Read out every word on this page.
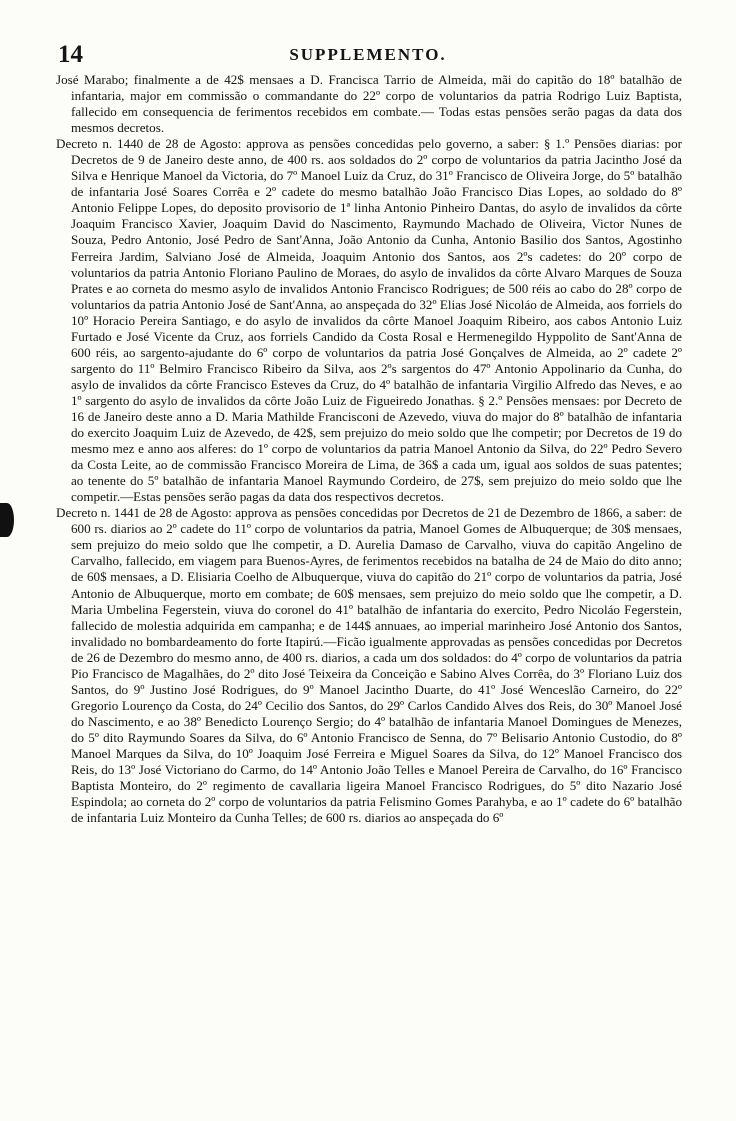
14	SUPPLEMENTO.

José Marabo; finalmente a de 42$ mensaes a D. Francisca Tarrio de Almeida, mãi do capitão do 18º batalhão de infantaria, major em commissão o commandante do 22º corpo de voluntarios da patria Rodrigo Luiz Baptista, fallecido em consequencia de ferimentos recebidos em combate.— Todas estas pensões serão pagas da data dos mesmos decretos.

Decreto n. 1440 de 28 de Agosto: approva as pensões concedidas pelo governo, a saber: § 1.º Pensões diarias: por Decretos de 9 de Janeiro deste anno, de 400 rs. aos soldados do 2º corpo de voluntarios da patria Jacintho José da Silva e Henrique Manoel da Victoria, do 7º Manoel Luiz da Cruz, do 31º Francisco de Oliveira Jorge, do 5º batalhão de infantaria José Soares Corrêa e 2º cadete do mesmo batalhão João Francisco Dias Lopes, ao soldado do 8º Antonio Felippe Lopes, do deposito provisorio de 1ª linha Antonio Pinheiro Dantas, do asylo de invalidos da côrte Joaquim Francisco Xavier, Joaquim David do Nascimento, Raymundo Machado de Oliveira, Victor Nunes de Souza, Pedro Antonio, José Pedro de Sant'Anna, João Antonio da Cunha, Antonio Basilio dos Santos, Agostinho Ferreira Jardim, Salviano José de Almeida, Joaquim Antonio dos Santos, aos 2ºs cadetes: do 20º corpo de voluntarios da patria Antonio Floriano Paulino de Moraes, do asylo de invalidos da côrte Alvaro Marques de Souza Prates e ao corneta do mesmo asylo de invalidos Antonio Francisco Rodrigues; de 500 réis ao cabo do 28º corpo de voluntarios da patria Antonio José de Sant'Anna, ao anspeçada do 32º Elias José Nicoláo de Almeida, aos forriels do 10º Horacio Pereira Santiago, e do asylo de invalidos da côrte Manoel Joaquim Ribeiro, aos cabos Antonio Luiz Furtado e José Vicente da Cruz, aos forriels Candido da Costa Rosal e Hermenegildo Hyppolito de Sant'Anna de 600 réis, ao sargento-ajudante do 6º corpo de voluntarios da patria José Gonçalves de Almeida, ao 2º cadete 2º sargento do 11º Belmiro Francisco Ribeiro da Silva, aos 2ºs sargentos do 47º Antonio Appolinario da Cunha, do asylo de invalidos da côrte Francisco Esteves da Cruz, do 4º batalhão de infantaria Virgilio Alfredo das Neves, e ao 1º sargento do asylo de invalidos da côrte João Luiz de Figueiredo Jonathas. § 2.º Pensões mensaes: por Decreto de 16 de Janeiro deste anno a D. Maria Mathilde Francisconi de Azevedo, viuva do major do 8º batalhão de infantaria do exercito Joaquim Luiz de Azevedo, de 42$, sem prejuizo do meio soldo que lhe competir; por Decretos de 19 do mesmo mez e anno aos alferes: do 1º corpo de voluntarios da patria Manoel Antonio da Silva, do 22º Pedro Severo da Costa Leite, ao de commissão Francisco Moreira de Lima, de 36$ a cada um, igual aos soldos de suas patentes; ao tenente do 5º batalhão de infantaria Manoel Raymundo Cordeiro, de 27$, sem prejuizo do meio soldo que lhe competir.—Estas pensões serão pagas da data dos respectivos decretos.

Decreto n. 1441 de 28 de Agosto: approva as pensões concedidas por Decretos de 21 de Dezembro de 1866, a saber: de 600 rs. diarios ao 2º cadete do 11º corpo de voluntarios da patria, Manoel Gomes de Albuquerque; de 30$ mensaes, sem prejuizo do meio soldo que lhe competir, a D. Aurelia Damaso de Carvalho, viuva do capitão Angelino de Carvalho, fallecido, em viagem para Buenos-Ayres, de ferimentos recebidos na batalha de 24 de Maio do dito anno; de 60$ mensaes, a D. Elisiaria Coelho de Albuquerque, viuva do capitão do 21º corpo de voluntarios da patria, José Antonio de Albuquerque, morto em combate; de 60$ mensaes, sem prejuizo do meio soldo que lhe competir, a D. Maria Umbelina Fegerstein, viuva do coronel do 41º batalhão de infantaria do exercito, Pedro Nicoláo Fegerstein, fallecido de molestia adquirida em campanha; e de 144$ annuaes, ao imperial marinheiro José Antonio dos Santos, invalidado no bombardeamento do forte Itapirú.—Ficão igualmente approvadas as pensões concedidas por Decretos de 26 de Dezembro do mesmo anno, de 400 rs. diarios, a cada um dos soldados: do 4º corpo de voluntarios da patria Pio Francisco de Magalhães, do 2º dito José Teixeira da Conceição e Sabino Alves Corrêa, do 3º Floriano Luiz dos Santos, do 9º Justino José Rodrigues, do 9º Manoel Jacintho Duarte, do 41º José Wenceslão Carneiro, do 22º Gregorio Lourenço da Costa, do 24º Cecilio dos Santos, do 29º Carlos Candido Alves dos Reis, do 30º Manoel José do Nascimento, e ao 38º Benedicto Lourenço Sergio; do 4º batalhão de infantaria Manoel Domingues de Menezes, do 5º dito Raymundo Soares da Silva, do 6º Antonio Francisco de Senna, do 7º Belisario Antonio Custodio, do 8º Manoel Marques da Silva, do 10º Joaquim José Ferreira e Miguel Soares da Silva, do 12º Manoel Francisco dos Reis, do 13º José Victoriano do Carmo, do 14º Antonio João Telles e Manoel Pereira de Carvalho, do 16º Francisco Baptista Monteiro, do 2º regimento de cavallaria ligeira Manoel Francisco Rodrigues, do 5º dito Nazario José Espindola; ao corneta do 2º corpo de voluntarios da patria Felismino Gomes Parahyba, e ao 1º cadete do 6º batalhão de infantaria Luiz Monteiro da Cunha Telles; de 600 rs. diarios ao anspeçada do 6º
